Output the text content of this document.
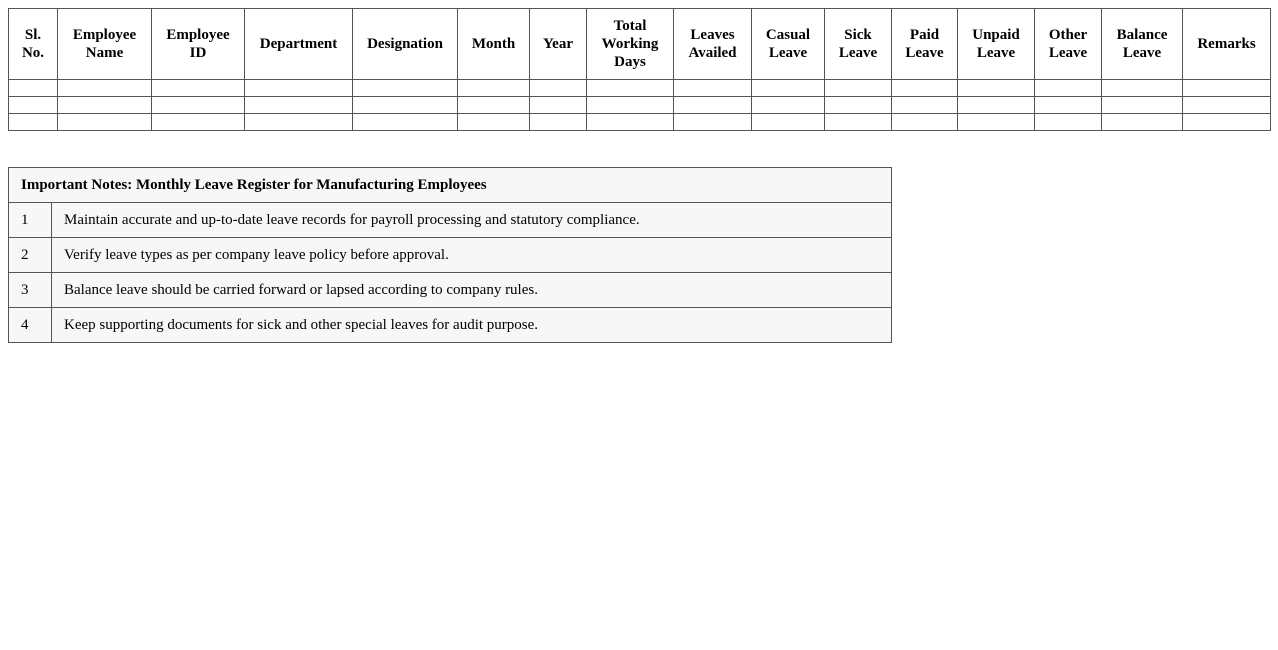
Sl. No.	Employee Name	Employee ID	Department	Designation	Month	Year	Total Working Days	Leaves Availed	Casual Leave	Sick Leave	Paid Leave	Unpaid Leave	Other Leave	Balance Leave	Remarks

Important Notes: Monthly Leave Register for Manufacturing Employees	
1	Maintain accurate and up-to-date leave records for payroll processing and statutory compliance.
2	Verify leave types as per company leave policy before approval.
3	Balance leave should be carried forward or lapsed according to company rules.
4	Keep supporting documents for sick and other special leaves for audit purpose.
